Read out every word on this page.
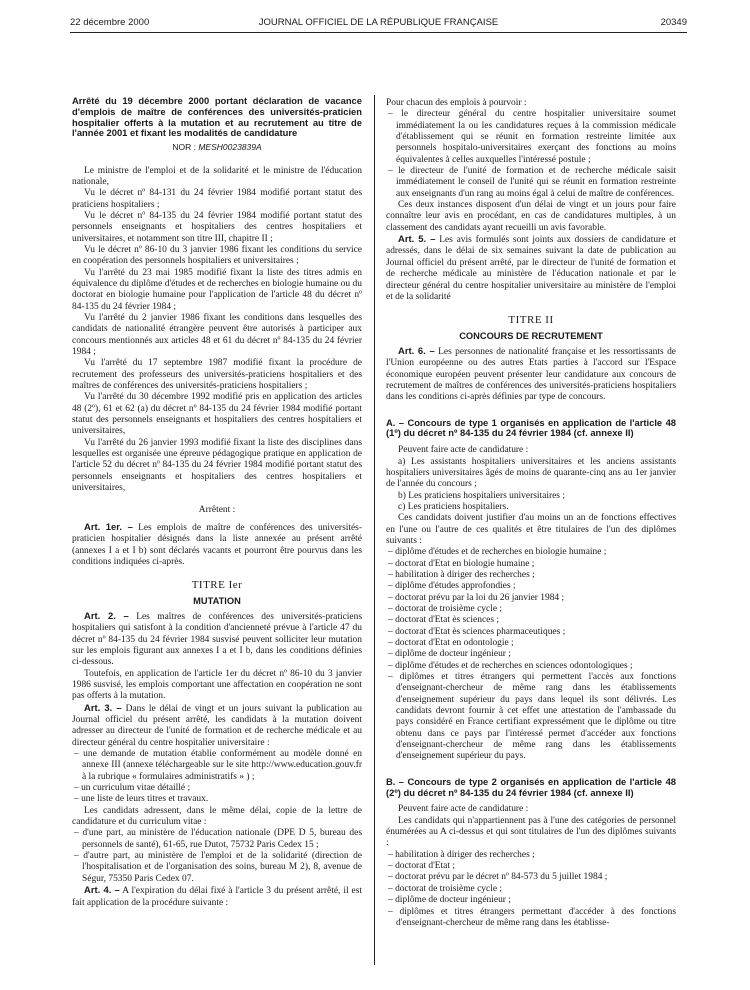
22 décembre 2000	JOURNAL OFFICIEL DE LA RÉPUBLIQUE FRANÇAISE	20349

Arrêté du 19 décembre 2000 portant déclaration de vacance d'emplois de maître de conférences des universités-praticien hospitalier offerts à la mutation et au recrutement au titre de l'année 2001 et fixant les modalités de candidature

NOR : MESH0023839A

Le ministre de l'emploi et de la solidarité et le ministre de l'éducation nationale,

Vu le décret nº 84-131 du 24 février 1984 modifié portant statut des praticiens hospitaliers ;

Vu le décret nº 84-135 du 24 février 1984 modifié portant statut des personnels enseignants et hospitaliers des centres hospitaliers et universitaires, et notamment son titre III, chapitre II ;

Vu le décret nº 86-10 du 3 janvier 1986 fixant les conditions du service en coopération des personnels hospitaliers et universitaires ;

Vu l'arrêté du 23 mai 1985 modifié fixant la liste des titres admis en équivalence du diplôme d'études et de recherches en biologie humaine ou du doctorat en biologie humaine pour l'application de l'article 48 du décret nº 84-135 du 24 février 1984 ;

Vu l'arrêté du 2 janvier 1986 fixant les conditions dans lesquelles des candidats de nationalité étrangère peuvent être autorisés à participer aux concours mentionnés aux articles 48 et 61 du décret nº 84-135 du 24 février 1984 ;

Vu l'arrêté du 17 septembre 1987 modifié fixant la procédure de recrutement des professeurs des universités-praticiens hospitaliers et des maîtres de conférences des universités-praticiens hospitaliers ;

Vu l'arrêté du 30 décembre 1992 modifié pris en application des articles 48 (2º), 61 et 62 (a) du décret nº 84-135 du 24 février 1984 modifié portant statut des personnels enseignants et hospitaliers des centres hospitaliers et universitaires,

Vu l'arrêté du 26 janvier 1993 modifié fixant la liste des disciplines dans lesquelles est organisée une épreuve pédagogique pratique en application de l'article 52 du décret nº 84-135 du 24 février 1984 modifié portant statut des personnels enseignants et hospitaliers des centres hospitaliers et universitaires,

Arrêtent :

Art. 1er. – Les emplois de maître de conférences des universités-praticien hospitalier désignés dans la liste annexée au présent arrêté (annexes I a et I b) sont déclarés vacants et pourront être pourvus dans les conditions indiquées ci-après.

TITRE Ier

MUTATION

Art. 2. – Les maîtres de conférences des universités-praticiens hospitaliers qui satisfont à la condition d'ancienneté prévue à l'article 47 du décret nº 84-135 du 24 février 1984 susvisé peuvent solliciter leur mutation sur les emplois figurant aux annexes I a et I b, dans les conditions définies ci-dessous.

Toutefois, en application de l'article 1er du décret nº 86-10 du 3 janvier 1986 susvisé, les emplois comportant une affectation en coopération ne sont pas offerts à la mutation.

Art. 3. – Dans le délai de vingt et un jours suivant la publication au Journal officiel du présent arrêté, les candidats à la mutation doivent adresser au directeur de l'unité de formation et de recherche médicale et au directeur général du centre hospitalier universitaire :

– une demande de mutation établie conformément au modèle donné en annexe III (annexe téléchargeable sur le site http://www.education.gouv.fr à la rubrique « formulaires administratifs » ) ;
– un curriculum vitae détaillé ;
– une liste de leurs titres et travaux.

Les candidats adressent, dans le même délai, copie de la lettre de candidature et du curriculum vitae :

– d'une part, au ministère de l'éducation nationale (DPE D 5, bureau des personnels de santé), 61-65, rue Dutot, 75732 Paris Cedex 15 ;
– d'autre part, au ministère de l'emploi et de la solidarité (direction de l'hospitalisation et de l'organisation des soins, bureau M 2), 8, avenue de Ségur, 75350 Paris Cedex 07.

Art. 4. – A l'expiration du délai fixé à l'article 3 du présent arrêté, il est fait application de la procédure suivante :

Pour chacun des emplois à pourvoir :

– le directeur général du centre hospitalier universitaire soumet immédiatement la ou les candidatures reçues à la commission médicale d'établissement qui se réunit en formation restreinte limitée aux personnels hospitalo-universitaires exerçant des fonctions au moins équivalentes à celles auxquelles l'intéressé postule ;
– le directeur de l'unité de formation et de recherche médicale saisit immédiatement le conseil de l'unité qui se réunit en formation restreinte aux enseignants d'un rang au moins égal à celui de maître de conférences.

Ces deux instances disposent d'un délai de vingt et un jours pour faire connaître leur avis en procédant, en cas de candidatures multiples, à un classement des candidats ayant recueilli un avis favorable.

Art. 5. – Les avis formulés sont joints aux dossiers de candidature et adressés, dans le délai de six semaines suivant la date de publication au Journal officiel du présent arrêté, par le directeur de l'unité de formation et de recherche médicale au ministère de l'éducation nationale et par le directeur général du centre hospitalier universitaire au ministère de l'emploi et de la solidarité

TITRE II

CONCOURS DE RECRUTEMENT

Art. 6. – Les personnes de nationalité française et les ressortissants de l'Union européenne ou des autres Etats parties à l'accord sur l'Espace économique européen peuvent présenter leur candidature aux concours de recrutement de maîtres de conférences des universités-praticiens hospitaliers dans les conditions ci-après définies par type de concours.

A. – Concours de type 1 organisés en application de l'article 48 (1º) du décret nº 84-135 du 24 février 1984 (cf. annexe II)

Peuvent faire acte de candidature :

a) Les assistants hospitaliers universitaires et les anciens assistants hospitaliers universitaires âgés de moins de quarante-cinq ans au 1er janvier de l'année du concours ;

b) Les praticiens hospitaliers universitaires ;

c) Les praticiens hospitaliers.

Ces candidats doivent justifier d'au moins un an de fonctions effectives en l'une ou l'autre de ces qualités et être titulaires de l'un des diplômes suivants :

– diplôme d'études et de recherches en biologie humaine ;
– doctorat d'Etat en biologie humaine ;
– habilitation à diriger des recherches ;
– diplôme d'études approfondies ;
– doctorat prévu par la loi du 26 janvier 1984 ;
– doctorat de troisième cycle ;
– doctorat d'Etat ès sciences ;
– doctorat d'Etat ès sciences pharmaceutiques ;
– doctorat d'Etat en odontologie ;
– diplôme de docteur ingénieur ;
– diplôme d'études et de recherches en sciences odontologiques ;
– diplômes et titres étrangers qui permettent l'accès aux fonctions d'enseignant-chercheur de même rang dans les établissements d'enseignement supérieur du pays dans lequel ils sont délivrés. Les candidats devront fournir à cet effet une attestation de l'ambassade du pays considéré en France certifiant expressément que le diplôme ou titre obtenu dans ce pays par l'intéressé permet d'accéder aux fonctions d'enseignant-chercheur de même rang dans les établissements d'enseignement supérieur du pays.

B. – Concours de type 2 organisés en application de l'article 48 (2º) du décret nº 84-135 du 24 février 1984 (cf. annexe II)

Peuvent faire acte de candidature :

Les candidats qui n'appartiennent pas à l'une des catégories de personnel énumérées au A ci-dessus et qui sont titulaires de l'un des diplômes suivants :

– habilitation à diriger des recherches ;
– doctorat d'Etat ;
– doctorat prévu par le décret nº 84-573 du 5 juillet 1984 ;
– doctorat de troisième cycle ;
– diplôme de docteur ingénieur ;
– diplômes et titres étrangers permettant d'accéder à des fonctions d'enseignant-chercheur de même rang dans les établisse-
